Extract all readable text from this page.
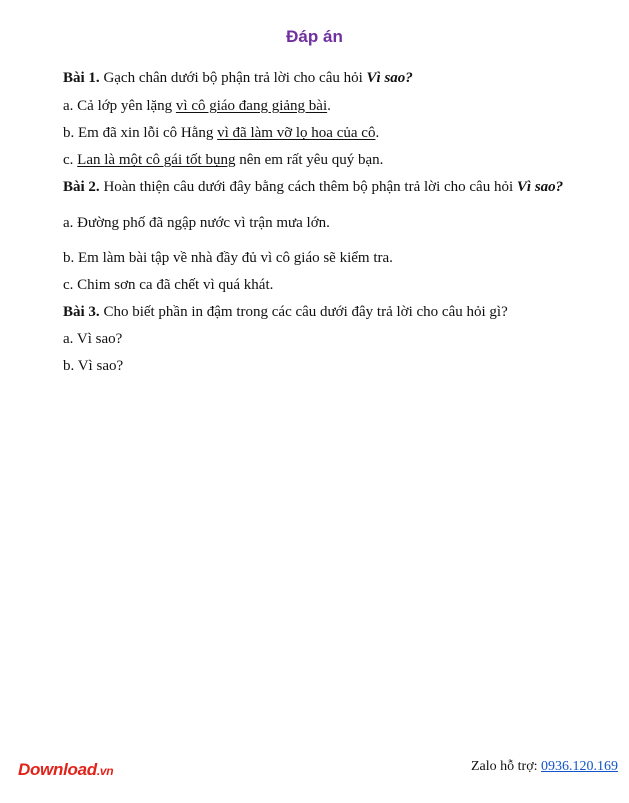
Đáp án
Bài 1. Gạch chân dưới bộ phận trả lời cho câu hỏi Vì sao?
a. Cả lớp yên lặng vì cô giáo đang giảng bài.
b. Em đã xin lỗi cô Hằng vì đã làm vỡ lọ hoa của cô.
c. Lan là một cô gái tốt bụng nên em rất yêu quý bạn.
Bài 2. Hoàn thiện câu dưới đây bằng cách thêm bộ phận trả lời cho câu hỏi Vì sao?
a. Đường phố đã ngập nước vì trận mưa lớn.
b. Em làm bài tập về nhà đầy đủ vì cô giáo sẽ kiểm tra.
c. Chim sơn ca đã chết vì quá khát.
Bài 3. Cho biết phần in đậm trong các câu dưới đây trả lời cho câu hỏi gì?
a. Vì sao?
b. Vì sao?
Download.vn	Zalo hỗ trợ: 0936.120.169
